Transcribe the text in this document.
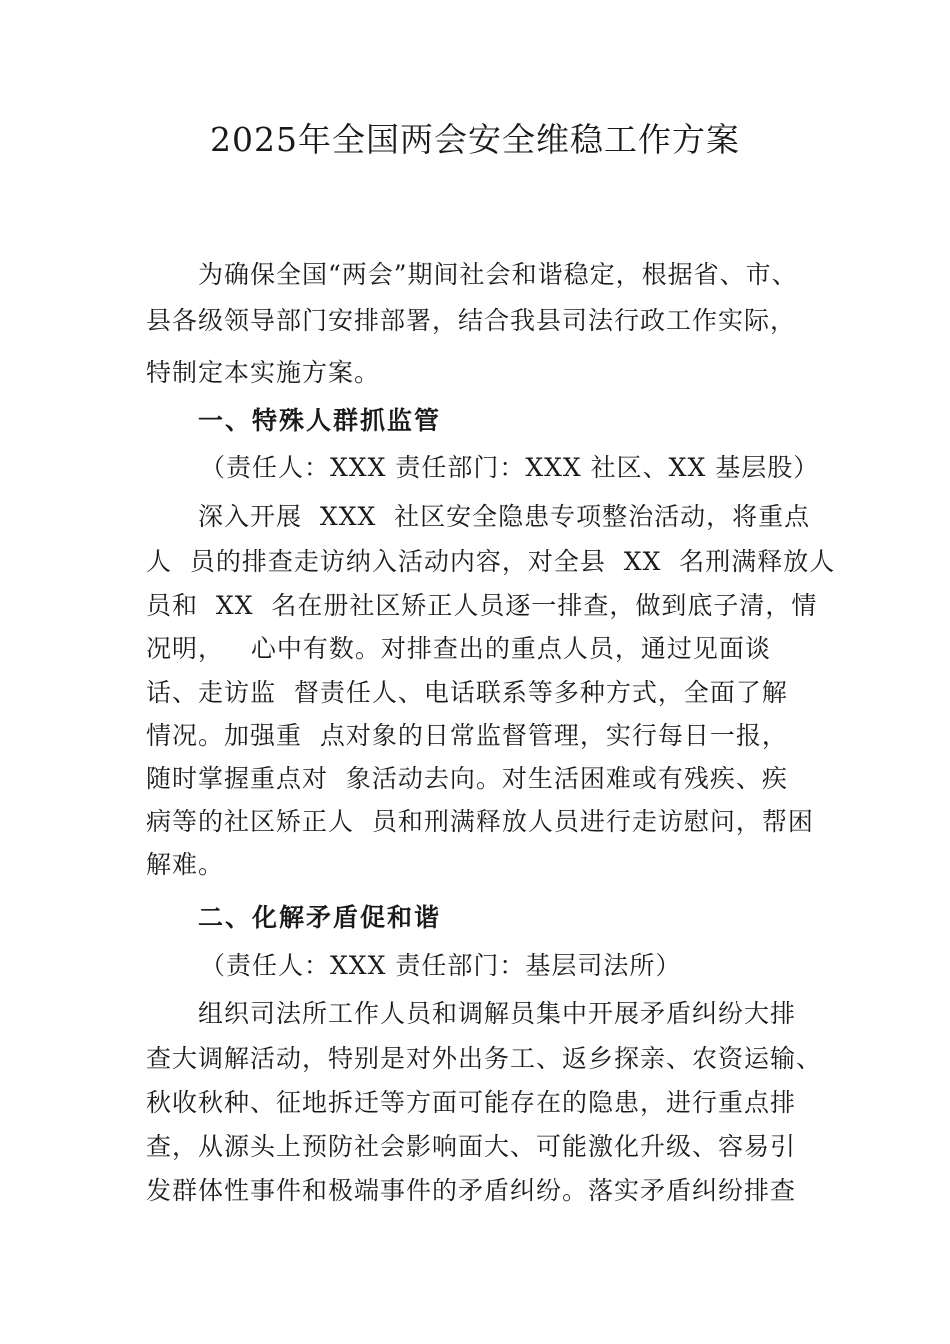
2025年全国两会安全维稳工作方案
为确保全国“两会”期间社会和谐稳定，根据省、市、
县各级领导部门安排部署，结合我县司法行政工作实际，
特制定本实施方案。
一、特殊人群抓监管
（责任人：XXX 责任部门：XXX 社区、XX 基层股）
深入开展  XXX  社区安全隐患专项整治活动，将重点
人  员的排查走访纳入活动内容，对全县  XX  名刑满释放人
员和  XX  名在册社区矫正人员逐一排查，做到底子清，情
况明，   心中有数。对排查出的重点人员，通过见面谈
话、走访监  督责任人、电话联系等多种方式，全面了解
情况。加强重  点对象的日常监督管理，实行每日一报，
随时掌握重点对  象活动去向。对生活困难或有残疾、疾
病等的社区矫正人  员和刑满释放人员进行走访慰问，帮困
解难。
二、化解矛盾促和谐
（责任人：XXX 责任部门：基层司法所）
组织司法所工作人员和调解员集中开展矛盾纠纷大排
查大调解活动，特别是对外出务工、返乡探亲、农资运输、
秋收秋种、征地拆迁等方面可能存在的隐患，进行重点排
查，从源头上预防社会影响面大、可能激化升级、容易引
发群体性事件和极端事件的矛盾纠纷。落实矛盾纠纷排查
